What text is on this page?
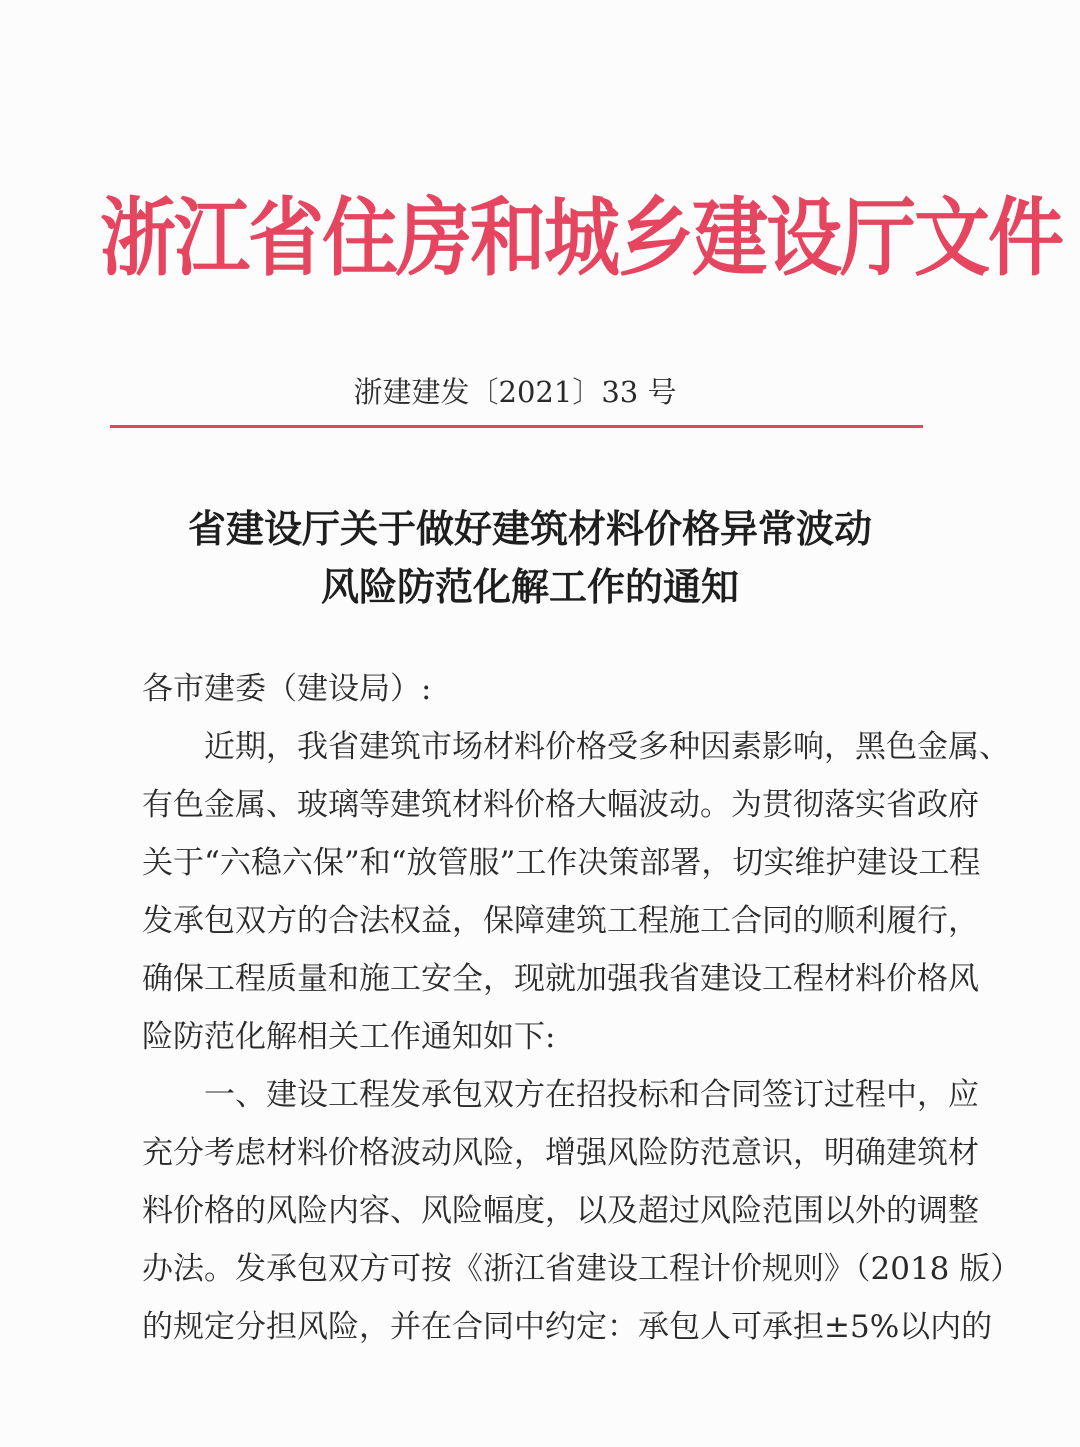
浙江省住房和城乡建设厅文件
浙建建发〔2021〕33 号
省建设厅关于做好建筑材料价格异常波动
风险防范化解工作的通知
各市建委（建设局）:
近期，我省建筑市场材料价格受多种因素影响，黑色金属、
有色金属、玻璃等建筑材料价格大幅波动。为贯彻落实省政府
关于“六稳六保”和“放管服”工作决策部署，切实维护建设工程
发承包双方的合法权益，保障建筑工程施工合同的顺利履行，
确保工程质量和施工安全，现就加强我省建设工程材料价格风
险防范化解相关工作通知如下:
一、建设工程发承包双方在招投标和合同签订过程中，应
充分考虑材料价格波动风险，增强风险防范意识，明确建筑材
料价格的风险内容、风险幅度，以及超过风险范围以外的调整
办法。发承包双方可按《浙江省建设工程计价规则》（2018 版）
的规定分担风险，并在合同中约定：承包人可承担±5%以内的
